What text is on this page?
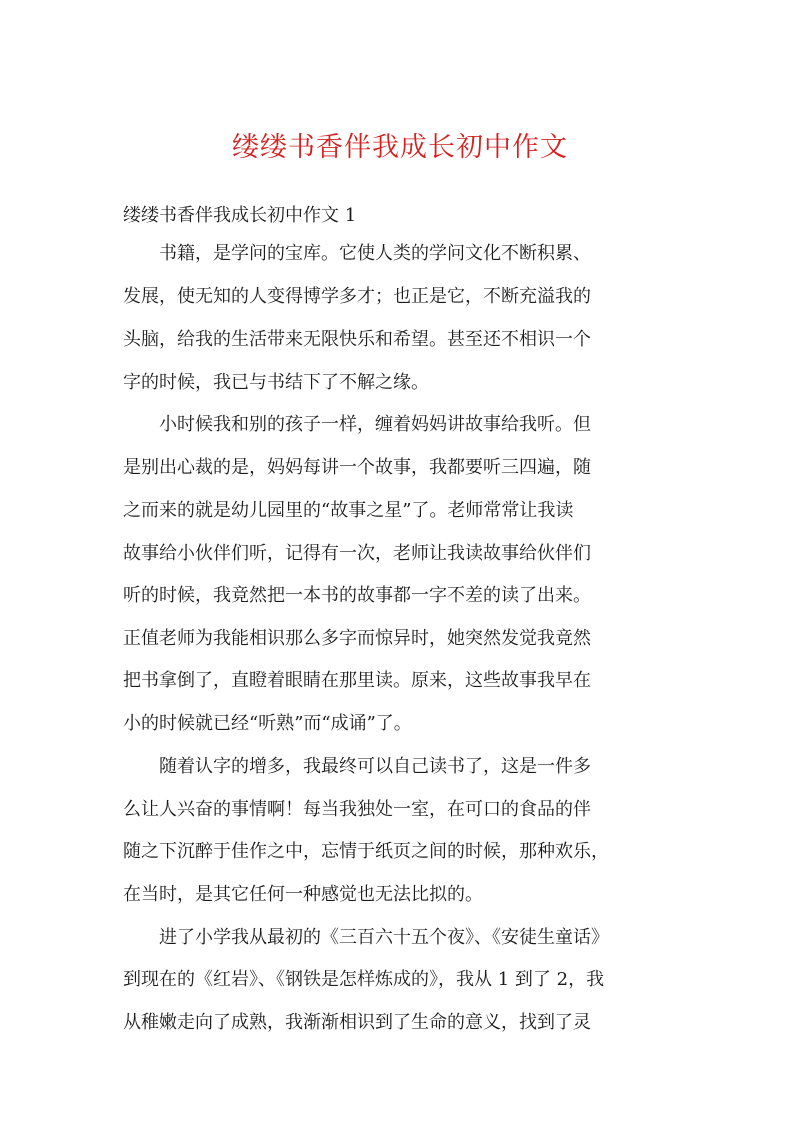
缕缕书香伴我成长初中作文

缕缕书香伴我成长初中作文 1

书籍，是学问的宝库。它使人类的学问文化不断积累、

发展，使无知的人变得博学多才；也正是它，不断充溢我的

头脑，给我的生活带来无限快乐和希望。甚至还不相识一个

字的时候，我已与书结下了不解之缘。

小时候我和别的孩子一样，缠着妈妈讲故事给我听。但

是别出心裁的是，妈妈每讲一个故事，我都要听三四遍，随

之而来的就是幼儿园里的“故事之星”了。老师常常让我读

故事给小伙伴们听，记得有一次，老师让我读故事给伙伴们

听的时候，我竟然把一本书的故事都一字不差的读了出来。

正值老师为我能相识那么多字而惊异时，她突然发觉我竟然

把书拿倒了，直瞪着眼睛在那里读。原来，这些故事我早在

小的时候就已经“听熟”而“成诵”了。

随着认字的增多，我最终可以自己读书了，这是一件多

么让人兴奋的事情啊！每当我独处一室，在可口的食品的伴

随之下沉醉于佳作之中，忘情于纸页之间的时候，那种欢乐，

在当时，是其它任何一种感觉也无法比拟的。

进了小学我从最初的《三百六十五个夜》、《安徒生童话》

到现在的《红岩》、《钢铁是怎样炼成的》，我从 1 到了 2，我

从稚嫩走向了成熟，我渐渐相识到了生命的意义，找到了灵
